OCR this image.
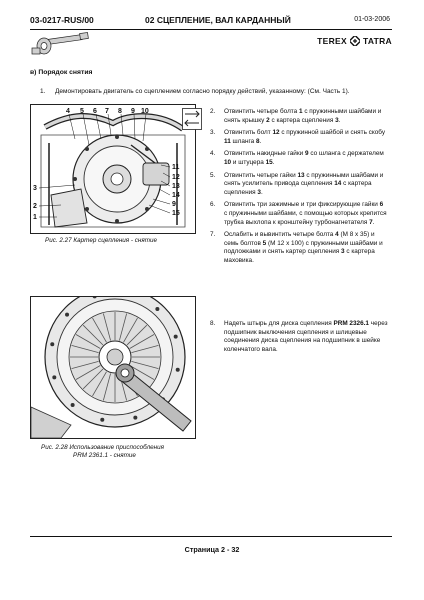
03-0217-RUS/00	02 СЦЕПЛЕНИЕ, ВАЛ КАРДАННЫЙ	01-03-2006
TEREX TATRA
в) Порядок снятия
1.	Демонтировать двигатель со сцеплением согласно порядку действий, указанному: (См. Часть 1).
4 5 6 7 8 9 10
11
12
13
14
9
15
3
2
1
Рис. 2.27 Картер сцепления - снятие
Рис. 2.28 Использование приспособления
PRM 2361.1 - снятие
2.	Отвинтить четыре болта 1 с пружинными шайбами и снять крышку 2 с картера сцепления 3.
3.	Отвинтить болт 12 с пружинной шайбой и снять скобу 11 шланга 8.
4.	Отвинтить накидные гайки 9 со шланга с держателем 10 и штуцера 15.
5.	Отвинтить четыре гайки 13 с пружинными шайбами и снять усилитель привода сцепления 14 с картера сцепления 3.
6.	Отвинтить три зажимные и три фиксирующие гайки 6 с пружинными шайбами, с помощью которых крепится трубка выхлопа к кронштейну турбонагнетателя 7.
7.	Ослабить и вывинтить четыре болта 4 (M 8 x 35) и семь болтов 5 (M 12 x 100) с пружинными шайбами и подложками и снять картер сцепления 3 с картера маховика.
8.	Надеть штырь для диска сцепления PRM 2326.1 через подшипник выключения сцепления и шлицевые соединения диска сцепления на подшипник в шейке коленчатого вала.
Страница 2 - 32
